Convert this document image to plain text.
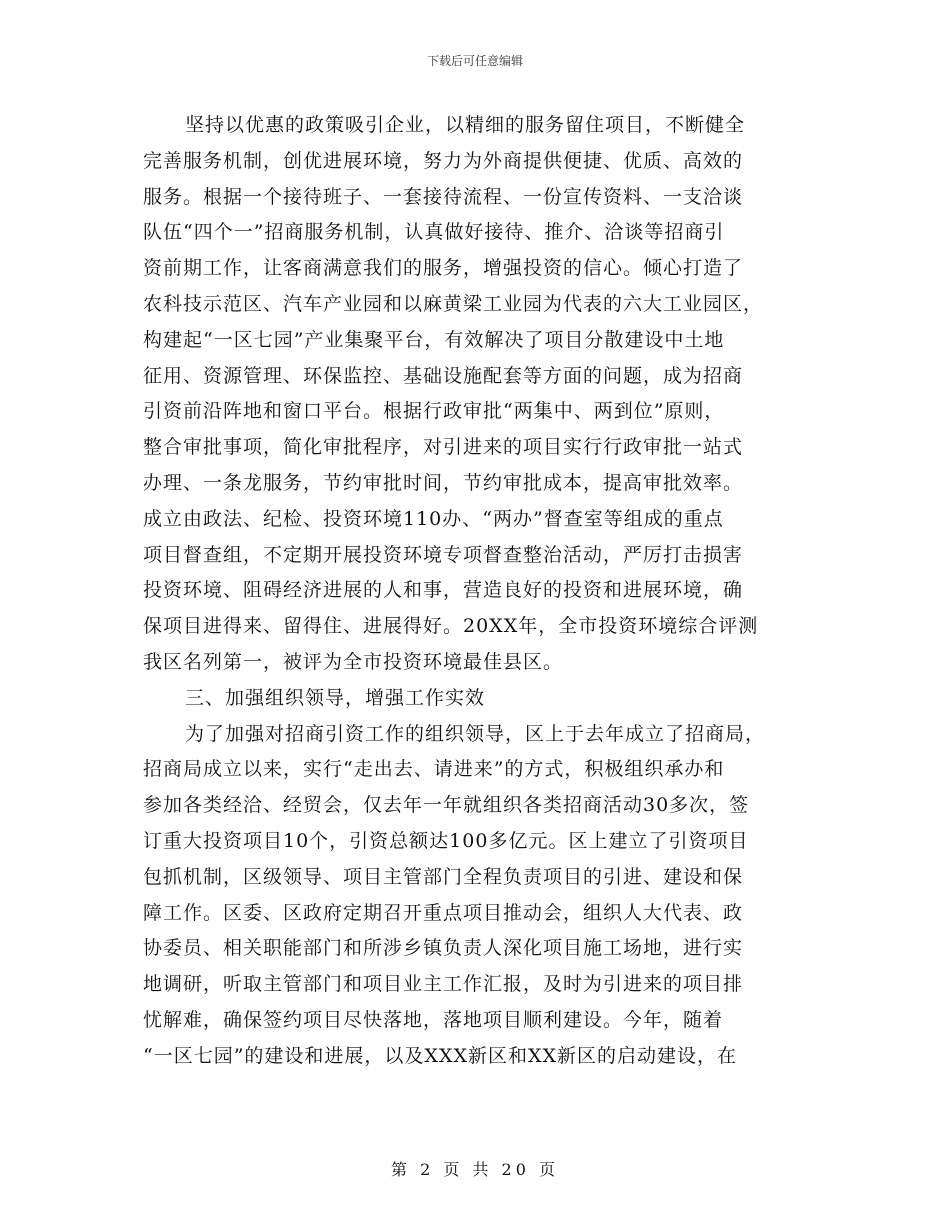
下载后可任意编辑
坚持以优惠的政策吸引企业，以精细的服务留住项目，不断健全
完善服务机制，创优进展环境，努力为外商提供便捷、优质、高效的
服务。根据一个接待班子、一套接待流程、一份宣传资料、一支洽谈
队伍“四个一”招商服务机制，认真做好接待、推介、洽谈等招商引
资前期工作，让客商满意我们的服务，增强投资的信心。倾心打造了
农科技示范区、汽车产业园和以麻黄梁工业园为代表的六大工业园区，
构建起“一区七园”产业集聚平台，有效解决了项目分散建设中土地
征用、资源管理、环保监控、基础设施配套等方面的问题，成为招商
引资前沿阵地和窗口平台。根据行政审批“两集中、两到位”原则，
整合审批事项，简化审批程序，对引进来的项目实行行政审批一站式
办理、一条龙服务，节约审批时间，节约审批成本，提高审批效率。
成立由政法、纪检、投资环境110办、“两办”督查室等组成的重点
项目督查组，不定期开展投资环境专项督查整治活动，严厉打击损害
投资环境、阻碍经济进展的人和事，营造良好的投资和进展环境，确
保项目进得来、留得住、进展得好。20XX年，全市投资环境综合评测
我区名列第一，被评为全市投资环境最佳县区。
三、加强组织领导，增强工作实效
为了加强对招商引资工作的组织领导，区上于去年成立了招商局，
招商局成立以来，实行“走出去、请进来”的方式，积极组织承办和
参加各类经洽、经贸会，仅去年一年就组织各类招商活动30多次，签
订重大投资项目10个，引资总额达100多亿元。区上建立了引资项目
包抓机制，区级领导、项目主管部门全程负责项目的引进、建设和保
障工作。区委、区政府定期召开重点项目推动会，组织人大代表、政
协委员、相关职能部门和所涉乡镇负责人深化项目施工场地，进行实
地调研，听取主管部门和项目业主工作汇报，及时为引进来的项目排
忧解难，确保签约项目尽快落地，落地项目顺利建设。今年，随着
“一区七园”的建设和进展，以及XXX新区和XX新区的启动建设，在
第 2 页 共 20 页
